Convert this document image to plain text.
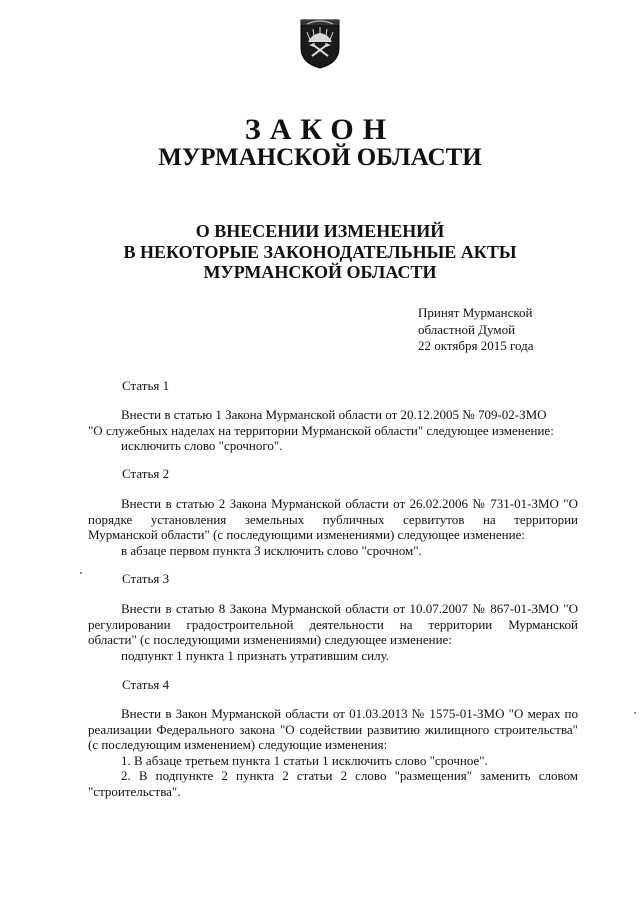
ЗАКОН
МУРМАНСКОЙ ОБЛАСТИ
О ВНЕСЕНИИ ИЗМЕНЕНИЙ
В НЕКОТОРЫЕ ЗАКОНОДАТЕЛЬНЫЕ АКТЫ
МУРМАНСКОЙ ОБЛАСТИ
Принят Мурманской
областной Думой
22 октября 2015 года
Статья 1

Внести в статью 1 Закона Мурманской области от 20.12.2005 № 709-02-ЗМО

"О служебных наделах на территории Мурманской области" следующее изменение:

исключить слово "срочного".

Статья 2

Внести в статью 2 Закона Мурманской области от 26.02.2006 № 731-01-ЗМО "О порядке установления земельных публичных сервитутов на территории

Мурманской области" (с последующими изменениями) следующее изменение:

в абзаце первом пункта 3 исключить слово "срочном".

Статья 3

Внести в статью 8 Закона Мурманской области от 10.07.2007 № 867-01-ЗМО "О регулировании градостроительной деятельности на территории Мурманской

области" (с последующими изменениями) следующее изменение:

подпункт 1 пункта 1 признать утратившим силу.

Статья 4

Внести в Закон Мурманской области от 01.03.2013 № 1575-01-ЗМО "О мерах по реализации Федерального закона "О содействии развитию жилищного строительства"

(с последующим изменением) следующие изменения:

1. В абзаце третьем пункта 1 статьи 1 исключить слово "срочное".

2. В подпункте 2 пункта 2 статьи 2 слово "размещения" заменить словом

"строительства".
